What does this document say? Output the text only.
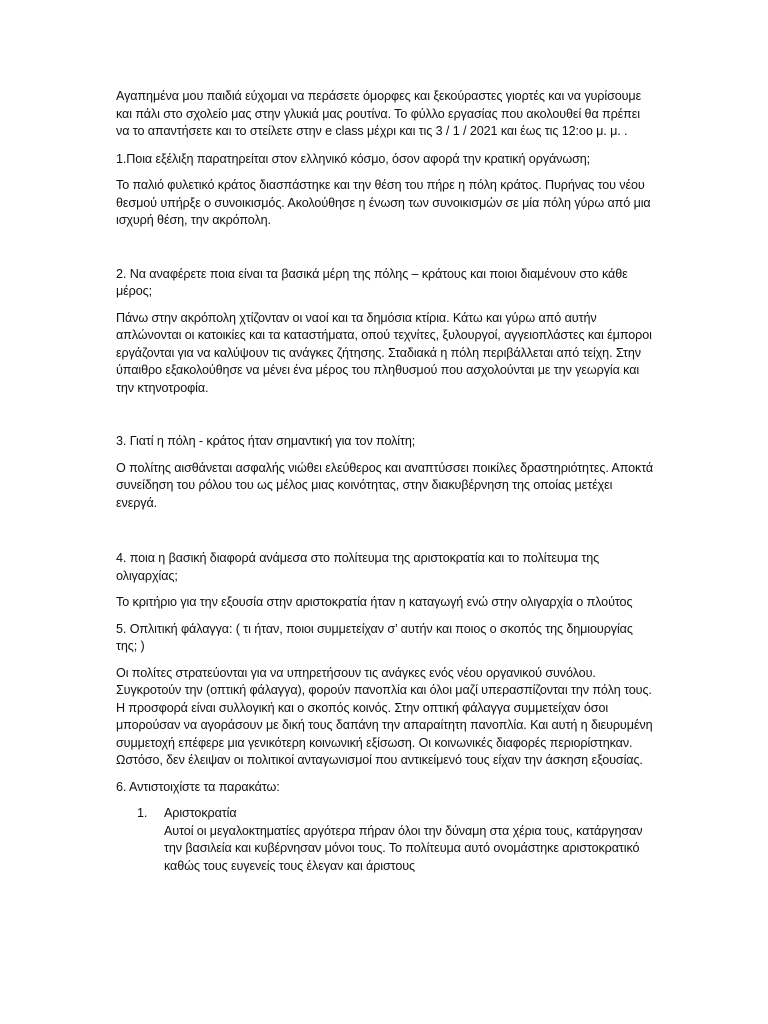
Αγαπημένα μου παιδιά εύχομαι να περάσετε όμορφες και ξεκούραστες γιορτές και να γυρίσουμε και πάλι στο σχολείο μας στην γλυκιά μας ρουτίνα. Το φύλλο εργασίας που ακολουθεί θα πρέπει να το απαντήσετε και το στείλετε στην e class μέχρι και τις 3 / 1 / 2021 και έως τις 12:οο μ. μ. .

1.Ποια εξέλιξη παρατηρείται στον ελληνικό κόσμο, όσον αφορά την κρατική οργάνωση;

Το παλιό φυλετικό κράτος διασπάστηκε και την θέση του πήρε η πόλη κράτος. Πυρήνας του νέου θεσμού υπήρξε ο συνοικισμός. Ακολούθησε η ένωση των συνοικισμών σε μία πόλη γύρω από μια ισχυρή θέση, την ακρόπολη.

2. Να αναφέρετε ποια είναι τα βασικά μέρη της πόλης – κράτους και ποιοι διαμένουν στο κάθε μέρος;

Πάνω στην ακρόπολη χτίζονταν οι ναοί και τα δημόσια κτίρια. Κάτω και γύρω από αυτήν απλώνονται οι κατοικίες και τα καταστήματα, οπού τεχνίτες, ξυλουργοί, αγγειοπλάστες και έμποροι εργάζονται για να καλύψουν τις ανάγκες ζήτησης. Σταδιακά η πόλη περιβάλλεται από τείχη. Στην ύπαιθρο εξακολούθησε να μένει ένα μέρος του πληθυσμού που ασχολούνται με την γεωργία και την κτηνοτροφία.

3. Γιατί η πόλη - κράτος ήταν σημαντική για τον πολίτη;

Ο πολίτης αισθάνεται ασφαλής νιώθει ελεύθερος και αναπτύσσει ποικίλες δραστηριότητες. Αποκτά συνείδηση του ρόλου του ως μέλος μιας κοινότητας, στην διακυβέρνηση της οποίας μετέχει ενεργά.

4. ποια η βασική διαφορά ανάμεσα στο πολίτευμα της αριστοκρατία και το πολίτευμα της ολιγαρχίας;

Το κριτήριο για την εξουσία στην αριστοκρατία ήταν η καταγωγή ενώ στην ολιγαρχία ο πλούτος

5. Οπλιτική φάλαγγα: ( τι ήταν, ποιοι συμμετείχαν σ’ αυτήν και ποιος ο σκοπός της δημιουργίας της; )

Οι πολίτες στρατεύονται για να υπηρετήσουν τις ανάγκες ενός νέου οργανικού συνόλου. Συγκροτούν την (οπτική φάλαγγα), φορούν πανοπλία και όλοι μαζί υπερασπίζονται την πόλη τους. Η προσφορά είναι συλλογική και ο σκοπός κοινός. Στην οπτική φάλαγγα συμμετείχαν όσοι μπορούσαν να αγοράσουν με δική τους δαπάνη την απαραίτητη πανοπλία. Και αυτή η διευρυμένη συμμετοχή επέφερε μια γενικότερη κοινωνική εξίσωση. Οι κοινωνικές διαφορές περιορίστηκαν. Ωστόσο, δεν έλειψαν οι πολιτικοί ανταγωνισμοί που αντικείμενό τους είχαν την άσκηση εξουσίας.

6. Αντιστοιχίστε τα παρακάτω:

1. Αριστοκρατία
Αυτοί οι μεγαλοκτηματίες αργότερα πήραν όλοι την δύναμη στα χέρια τους, κατάργησαν την βασιλεία και κυβέρνησαν μόνοι τους. Το πολίτευμα αυτό ονομάστηκε αριστοκρατικό καθώς τους ευγενείς τους έλεγαν και άριστους
